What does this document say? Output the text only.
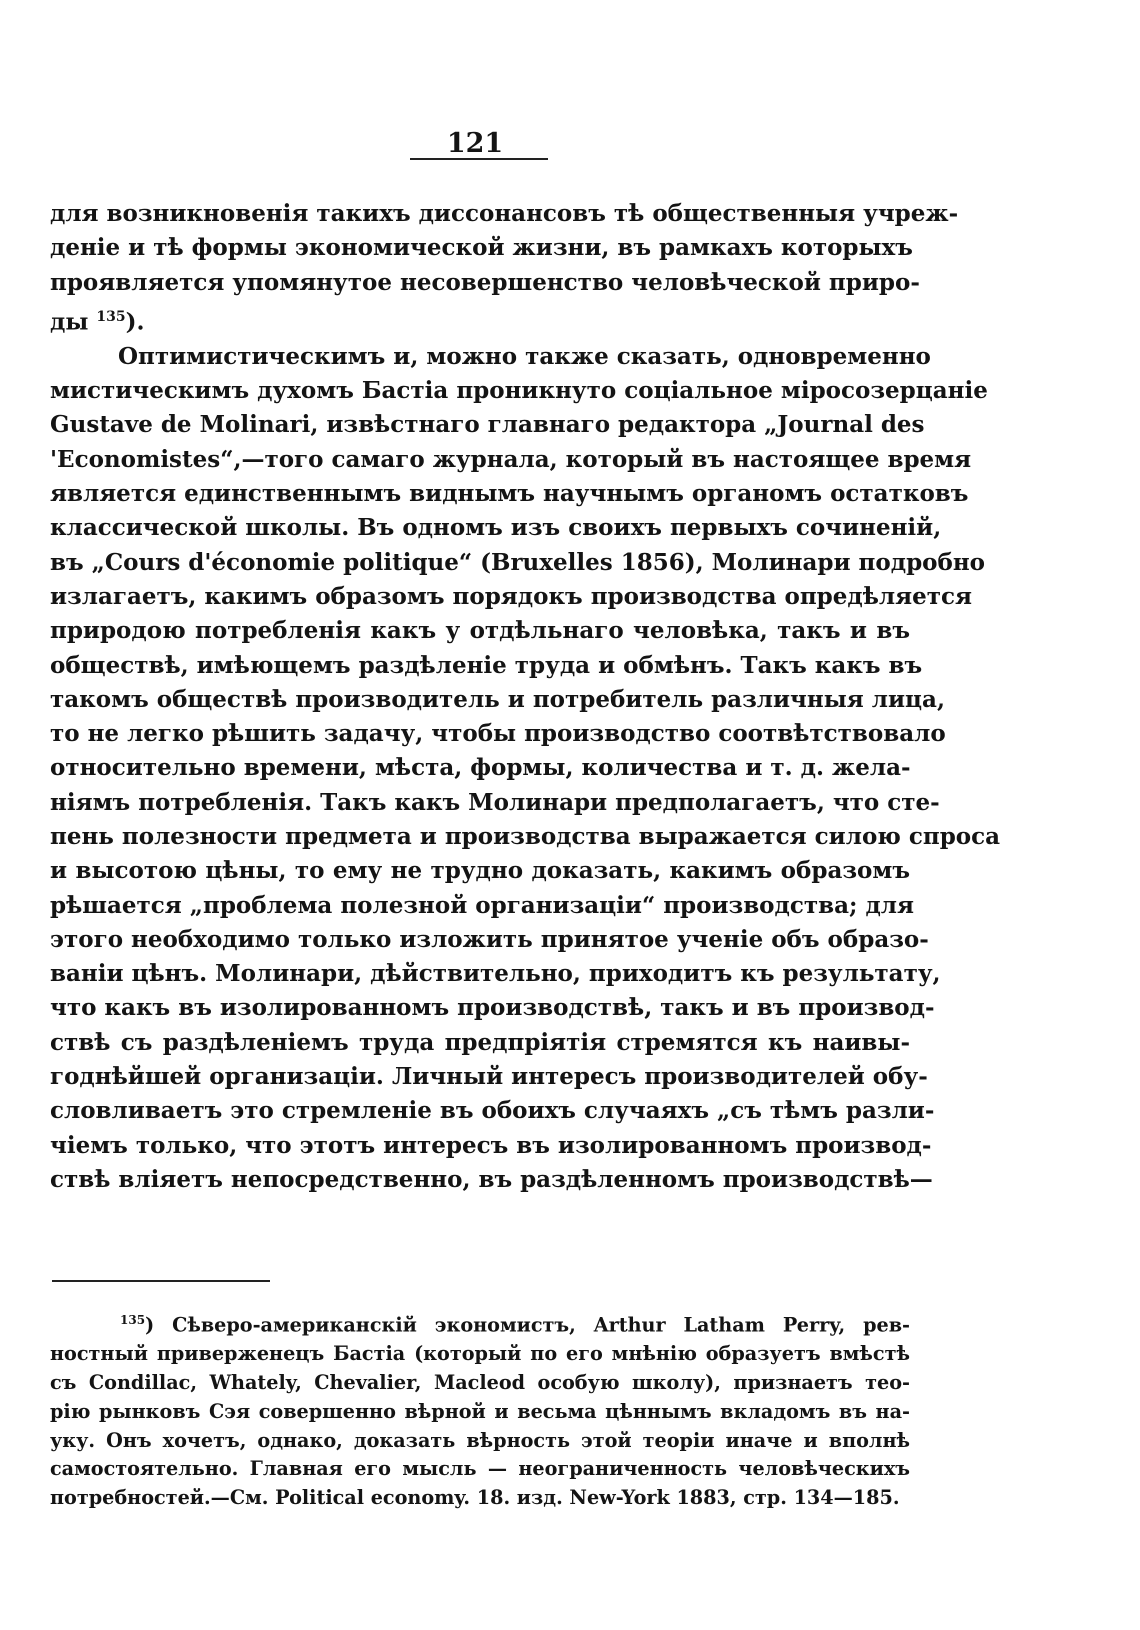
121
для возникновенія такихъ диссонансовъ тѣ общественныя учреж-
деніе и тѣ формы экономической жизни, въ рамкахъ которыхъ
проявляется упомянутое несовершенство человѣческой приро-
ды $^{135}$).
Оптимистическимъ и, можно также сказать, одновременно
мистическимъ духомъ Бастіа проникнуто соціальное міросозерцаніе
Gustave de Molinari, извѣстнаго главнаго редактора „Journal des
'Economistes“,—того самаго журнала, который въ настоящее время
является единственнымъ виднымъ научнымъ органомъ остатковъ
классической школы. Въ одномъ изъ своихъ первыхъ сочиненій,
въ „Cours d'économie politique“ (Bruxelles 1856), Молинари подробно
излагаетъ, какимъ образомъ порядокъ производства опредѣляется
природою потребленія какъ у отдѣльнаго человѣка, такъ и въ
обществѣ, имѣющемъ раздѣленіе труда и обмѣнъ. Такъ какъ въ
такомъ обществѣ производитель и потребитель различныя лица,
то не легко рѣшить задачу, чтобы производство соотвѣтствовало
относительно времени, мѣста, формы, количества и т. д. жела-
ніямъ потребленія. Такъ какъ Молинари предполагаетъ, что сте-
пень полезности предмета и производства выражается силою спроса
и высотою цѣны, то ему не трудно доказать, какимъ образомъ
рѣшается „проблема полезной организаціи“ производства; для
этого необходимо только изложить принятое ученіе объ образо-
ваніи цѣнъ. Молинари, дѣйствительно, приходитъ къ результату,
что какъ въ изолированномъ производствѣ, такъ и въ производ-
ствѣ съ раздѣленіемъ труда предпріятія стремятся къ наивы-
годнѣйшей организаціи. Личный интересъ производителей обу-
словливаетъ это стремленіе въ обоихъ случаяхъ „съ тѣмъ разли-
чіемъ только, что этотъ интересъ въ изолированномъ производ-
ствѣ вліяетъ непосредственно, въ раздѣленномъ производствѣ—
$^{135}$) Сѣверо-американскій экономистъ, Arthur Latham Perry, рев-
ностный приверженецъ Бастіа (который по его мнѣнію образуетъ вмѣстѣ
съ Condillac, Whately, Chevalier, Macleod особую школу), признаетъ тео-
рію рынковъ Сэя совершенно вѣрной и весьма цѣннымъ вкладомъ въ на-
уку. Онъ хочетъ, однако, доказать вѣрность этой теоріи иначе и вполнѣ
самостоятельно. Главная его мысль — неограниченность человѣческихъ
потребностей.—См. Political economy. 18. изд. New-York 1883, стр. 134—185.
